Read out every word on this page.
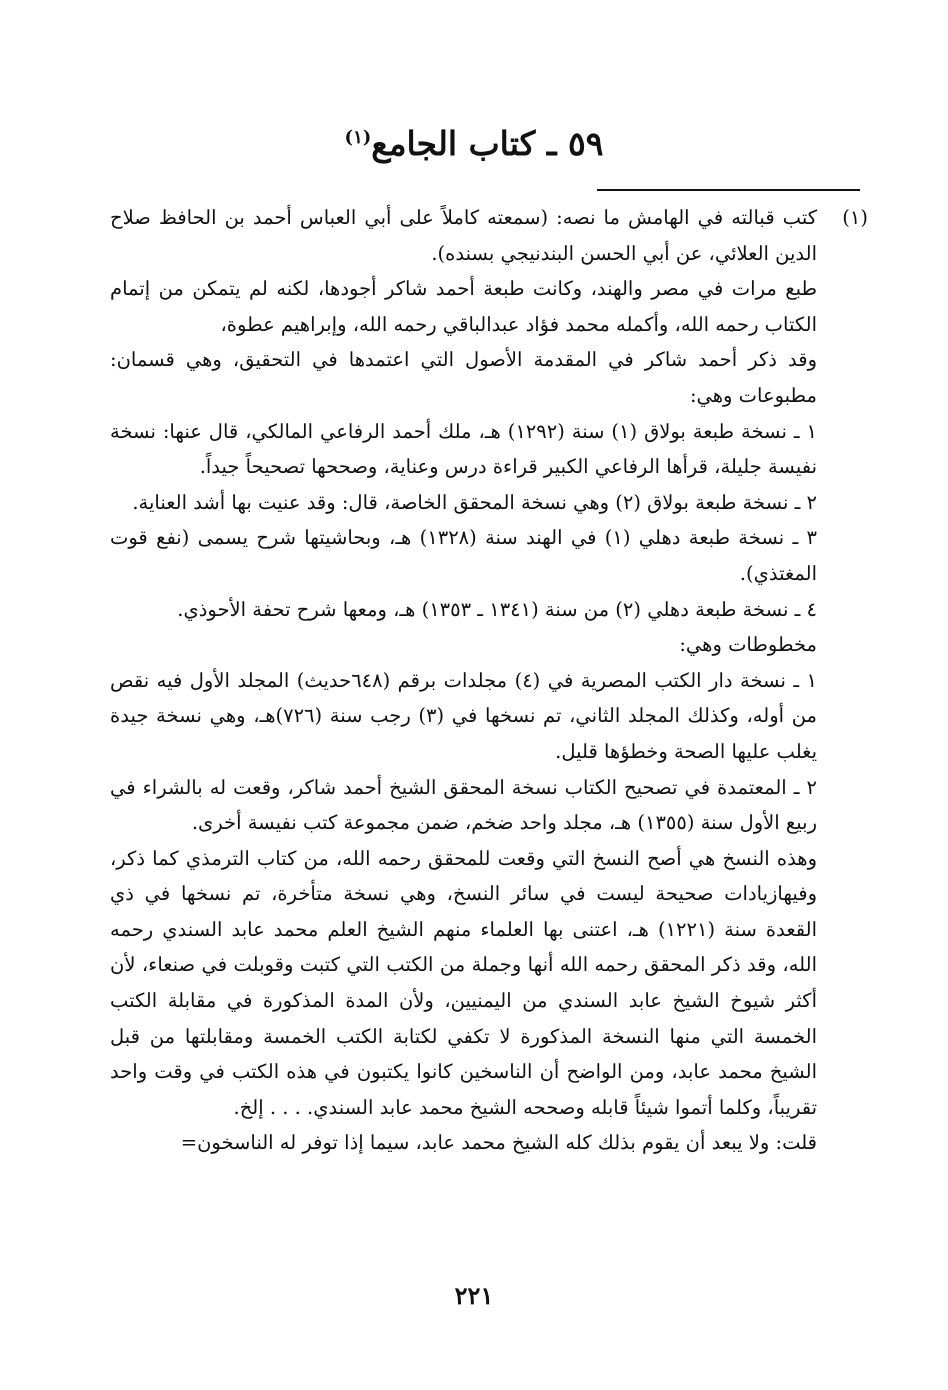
٥٩ ـ كتاب الجامع$^{(١)}$
(١)

كتب قبالته في الهامش ما نصه: (سمعته كاملاً على أبي العباس أحمد بن الحافظ صلاح الدين العلائي، عن أبي الحسن البندنيجي بسنده).

طبع مرات في مصر والهند، وكانت طبعة أحمد شاكر أجودها، لكنه لم يتمكن من إتمام الكتاب رحمه الله، وأكمله محمد فؤاد عبدالباقي رحمه الله، وإبراهيم عطوة،

وقد ذكر أحمد شاكر في المقدمة الأصول التي اعتمدها في التحقيق، وهي قسمان: مطبوعات وهي:

١ ـ نسخة طبعة بولاق (١) سنة (١٢٩٢) هـ، ملك أحمد الرفاعي المالكي، قال عنها: نسخة نفيسة جليلة، قرأها الرفاعي الكبير قراءة درس وعناية، وصححها تصحيحاً جيداً.

٢ ـ نسخة طبعة بولاق (٢) وهي نسخة المحقق الخاصة، قال: وقد عنيت بها أشد العناية.

٣ ـ نسخة طبعة دهلي (١) في الهند سنة (١٣٢٨) هـ، وبحاشيتها شرح يسمى (نفع قوت المغتذي).

٤ ـ نسخة طبعة دهلي (٢) من سنة (١٣٤١ ـ ١٣٥٣) هـ، ومعها شرح تحفة الأحوذي.

مخطوطات وهي:

١ ـ نسخة دار الكتب المصرية في (٤) مجلدات برقم (٦٤٨حديث) المجلد الأول فيه نقص من أوله، وكذلك المجلد الثاني، تم نسخها في (٣) رجب سنة (٧٢٦)هـ، وهي نسخة جيدة يغلب عليها الصحة وخطؤها قليل.

٢ ـ المعتمدة في تصحيح الكتاب نسخة المحقق الشيخ أحمد شاكر، وقعت له بالشراء في ربيع الأول سنة (١٣٥٥) هـ، مجلد واحد ضخم، ضمن مجموعة كتب نفيسة أخرى.

وهذه النسخ هي أصح النسخ التي وقعت للمحقق رحمه الله، من كتاب الترمذي كما ذكر، وفيهازيادات صحيحة ليست في سائر النسخ، وهي نسخة متأخرة، تم نسخها في ذي القعدة سنة (١٢٢١) هـ، اعتنى بها العلماء منهم الشيخ العلم محمد عابد السندي رحمه الله، وقد ذكر المحقق رحمه الله أنها وجملة من الكتب التي كتبت وقوبلت في صنعاء، لأن أكثر شيوخ الشيخ عابد السندي من اليمنيين، ولأن المدة المذكورة في مقابلة الكتب الخمسة التي منها النسخة المذكورة لا تكفي لكتابة الكتب الخمسة ومقابلتها من قبل الشيخ محمد عابد، ومن الواضح أن الناسخين كانوا يكتبون في هذه الكتب في وقت واحد تقريباً، وكلما أتموا شيئاً قابله وصححه الشيخ محمد عابد السندي. . . . إلخ.

قلت: ولا يبعد أن يقوم بذلك كله الشيخ محمد عابد، سيما إذا توفر له الناسخون=

٢٢١
